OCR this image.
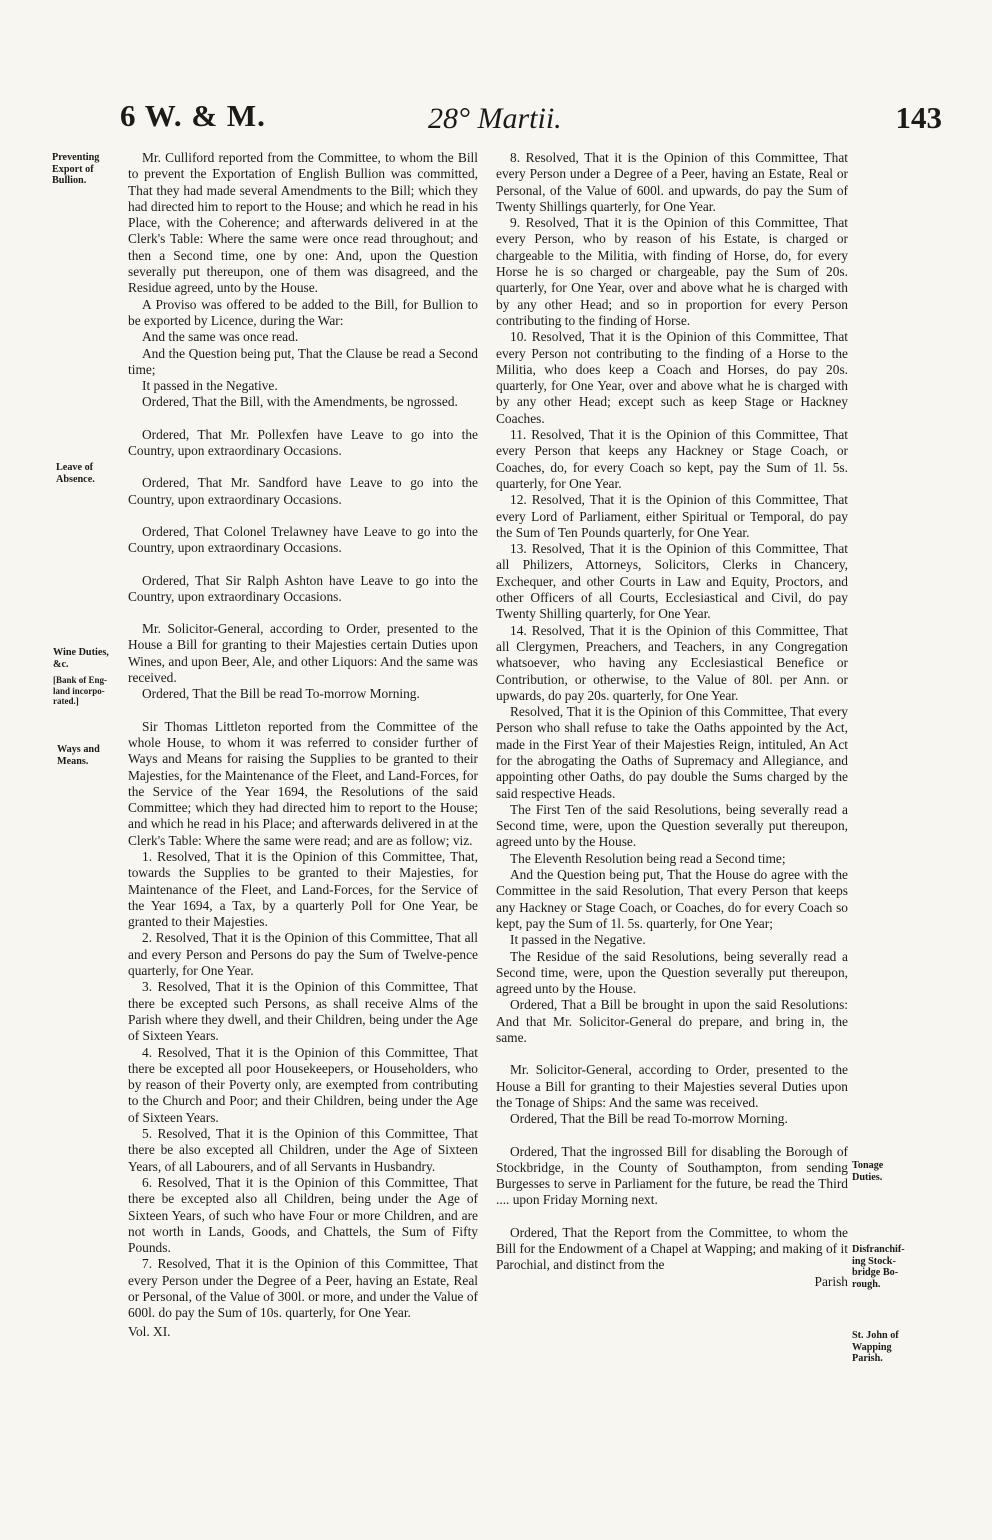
6 W. & M.	28° Martii.	143
Preventing
Export of
Bullion.
Leave of
Absence.
Wine Duties,
&c.
[Bank of Eng-
land incorpo-
rated.]
Ways and
Means.
Tonage
Duties.
Disfranchif-
ing Stock-
bridge Bo-
rough.
St. John of
Wapping
Parish.

Mr. Culliford reported from the Committee, to whom the Bill to prevent the Exportation of English Bullion was committed, That they had made several Amendments to the Bill; which they had directed him to report to the House; and which he read in his Place, with the Coherence; and afterwards delivered in at the Clerk's Table: Where the same were once read throughout; and then a Second time, one by one: And, upon the Question severally put thereupon, one of them was disagreed, and the Residue agreed, unto by the House.

A Proviso was offered to be added to the Bill, for Bullion to be exported by Licence, during the War:

And the same was once read.

And the Question being put, That the Clause be read a Second time;

It passed in the Negative.

Ordered, That the Bill, with the Amendments, be ngrossed.

Ordered, That Mr. Pollexfen have Leave to go into the Country, upon extraordinary Occasions.

Ordered, That Mr. Sandford have Leave to go into the Country, upon extraordinary Occasions.

Ordered, That Colonel Trelawney have Leave to go into the Country, upon extraordinary Occasions.

Ordered, That Sir Ralph Ashton have Leave to go into the Country, upon extraordinary Occasions.

Mr. Solicitor-General, according to Order, presented to the House a Bill for granting to their Majesties certain Duties upon Wines, and upon Beer, Ale, and other Liquors: And the same was received.

Ordered, That the Bill be read To-morrow Morning.

Sir Thomas Littleton reported from the Committee of the whole House, to whom it was referred to consider further of Ways and Means for raising the Supplies to be granted to their Majesties, for the Maintenance of the Fleet, and Land-Forces, for the Service of the Year 1694, the Resolutions of the said Committee; which they had directed him to report to the House; and which he read in his Place; and afterwards delivered in at the Clerk's Table: Where the same were read; and are as follow; viz.

1. Resolved, That it is the Opinion of this Committee, That, towards the Supplies to be granted to their Majesties, for Maintenance of the Fleet, and Land-Forces, for the Service of the Year 1694, a Tax, by a quarterly Poll for One Year, be granted to their Majesties.

2. Resolved, That it is the Opinion of this Committee, That all and every Person and Persons do pay the Sum of Twelve-pence quarterly, for One Year.

3. Resolved, That it is the Opinion of this Committee, That there be excepted such Persons, as shall receive Alms of the Parish where they dwell, and their Children, being under the Age of Sixteen Years.

4. Resolved, That it is the Opinion of this Committee, That there be excepted all poor Housekeepers, or Householders, who by reason of their Poverty only, are exempted from contributing to the Church and Poor; and their Children, being under the Age of Sixteen Years.

5. Resolved, That it is the Opinion of this Committee, That there be also excepted all Children, under the Age of Sixteen Years, of all Labourers, and of all Servants in Husbandry.

6. Resolved, That it is the Opinion of this Committee, That there be excepted also all Children, being under the Age of Sixteen Years, of such who have Four or more Children, and are not worth in Lands, Goods, and Chattels, the Sum of Fifty Pounds.

7. Resolved, That it is the Opinion of this Committee, That every Person under the Degree of a Peer, having an Estate, Real or Personal, of the Value of 300l. or more, and under the Value of 600l. do pay the Sum of 10s. quarterly, for One Year.

Vol. XI.

8. Resolved, That it is the Opinion of this Committee, That every Person under a Degree of a Peer, having an Estate, Real or Personal, of the Value of 600l. and upwards, do pay the Sum of Twenty Shillings quarterly, for One Year.

9. Resolved, That it is the Opinion of this Committee, That every Person, who by reason of his Estate, is charged or chargeable to the Militia, with finding of Horse, do, for every Horse he is so charged or chargeable, pay the Sum of 20s. quarterly, for One Year, over and above what he is charged with by any other Head; and so in proportion for every Person contributing to the finding of Horse.

10. Resolved, That it is the Opinion of this Committee, That every Person not contributing to the finding of a Horse to the Militia, who does keep a Coach and Horses, do pay 20s. quarterly, for One Year, over and above what he is charged with by any other Head; except such as keep Stage or Hackney Coaches.

11. Resolved, That it is the Opinion of this Committee, That every Person that keeps any Hackney or Stage Coach, or Coaches, do, for every Coach so kept, pay the Sum of 1l. 5s. quarterly, for One Year.

12. Resolved, That it is the Opinion of this Committee, That every Lord of Parliament, either Spiritual or Temporal, do pay the Sum of Ten Pounds quarterly, for One Year.

13. Resolved, That it is the Opinion of this Committee, That all Philizers, Attorneys, Solicitors, Clerks in Chancery, Exchequer, and other Courts in Law and Equity, Proctors, and other Officers of all Courts, Ecclesiastical and Civil, do pay Twenty Shilling quarterly, for One Year.

14. Resolved, That it is the Opinion of this Committee, That all Clergymen, Preachers, and Teachers, in any Congregation whatsoever, who having any Ecclesiastical Benefice or Contribution, or otherwise, to the Value of 80l. per Ann. or upwards, do pay 20s. quarterly, for One Year.

Resolved, That it is the Opinion of this Committee, That every Person who shall refuse to take the Oaths appointed by the Act, made in the First Year of their Majesties Reign, intituled, An Act for the abrogating the Oaths of Supremacy and Allegiance, and appointing other Oaths, do pay double the Sums charged by the said respective Heads.

The First Ten of the said Resolutions, being severally read a Second time, were, upon the Question severally put thereupon, agreed unto by the House.

The Eleventh Resolution being read a Second time;

And the Question being put, That the House do agree with the Committee in the said Resolution, That every Person that keeps any Hackney or Stage Coach, or Coaches, do for every Coach so kept, pay the Sum of 1l. 5s. quarterly, for One Year;

It passed in the Negative.

The Residue of the said Resolutions, being severally read a Second time, were, upon the Question severally put thereupon, agreed unto by the House.

Ordered, That a Bill be brought in upon the said Resolutions: And that Mr. Solicitor-General do prepare, and bring in, the same.

Mr. Solicitor-General, according to Order, presented to the House a Bill for granting to their Majesties several Duties upon the Tonage of Ships: And the same was received.

Ordered, That the Bill be read To-morrow Morning.

Ordered, That the ingrossed Bill for disabling the Borough of Stockbridge, in the County of Southampton, from sending Burgesses to serve in Parliament for the future, be read the Third .... upon Friday Morning next.

Ordered, That the Report from the Committee, to whom the Bill for the Endowment of a Chapel at Wapping; and making of it Parochial, and distinct from the

Parish
